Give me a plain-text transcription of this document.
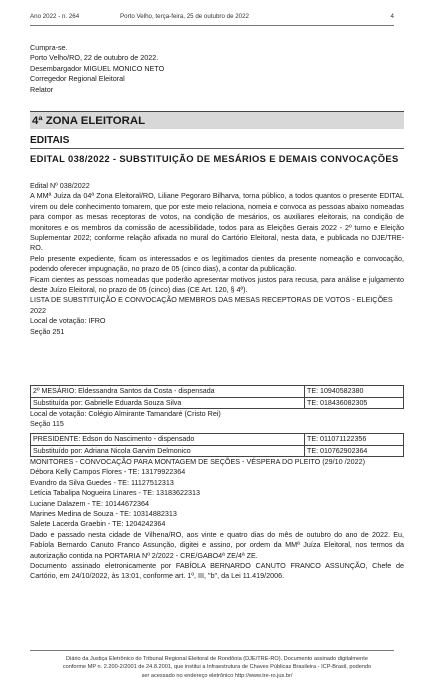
Ano 2022 - n. 264	Porto Velho, terça-feira, 25 de outubro de 2022	4
Cumpra-se.
Porto Velho/RO, 22 de outubro de 2022.
Desembargador MIGUEL MONICO NETO
Corregedor Regional Eleitoral
Relator
4ª ZONA ELEITORAL
EDITAIS
EDITAL 038/2022 - SUBSTITUIÇÃO DE MESÁRIOS E DEMAIS CONVOCAÇÕES
Edital Nº 038/2022

A MMª Juíza da 04ª Zona Eleitoral/RO, Liliane Pegoraro Bilharva, torna público, a todos quantos o presente EDITAL virem ou dele conhecimento tomarem, que por este meio relaciona, nomeia e convoca as pessoas abaixo nomeadas para compor as mesas receptoras de votos, na condição de mesários, os auxiliares eleitorais, na condição de monitores e os membros da comissão de acessibilidade, todos para as Eleições Gerais 2022 - 2º turno e Eleição Suplementar 2022; conforme relação afixada no mural do Cartório Eleitoral, nesta data, e publicada no DJE/TRE-RO.

Pelo presente expediente, ficam os interessados e os legitimados cientes da presente nomeação e convocação, podendo oferecer impugnação, no prazo de 05 (cinco dias), a contar da publicação.

Ficam cientes as pessoas nomeadas que poderão apresentar motivos justos para recusa, para análise e julgamento deste Juízo Eleitoral, no prazo de 05 (cinco) dias (CE Art. 120, § 4º).

LISTA DE SUBSTITUIÇÃO E CONVOCAÇÃO MEMBROS DAS MESAS RECEPTORAS DE VOTOS - ELEIÇÕES 2022

Local de votação: IFRO
Seção 251
2º MESÁRIO: Eldessandra Santos da Costa - dispensada	TE: 10940582380
Substituída por: Gabrielle Eduarda Souza Silva	TE: 018436082305
Local de votação: Colégio Almirante Tamandaré (Cristo Rei)
Seção 115
PRESIDENTE: Edson do Nascimento - dispensado	TE: 011071122356
Substituído por: Adriana Nicola Garvim Delmonico	TE: 010762902364

MONITORES - CONVOCAÇÃO PARA MONTAGEM DE SEÇÕES - VÉSPERA DO PLEITO (29/10 /2022)

Débora Kelly Campos Flores - TE: 13179922364
Evandro da Silva Guedes - TE: 11127512313
Letícia Tabalipa Nogueira Linares - TE: 13183622313
Luciane Dalazem - TE: 10144672364
Marines Medina de Souza - TE: 10314882313
Salete Lacerda Graebin - TE: 1204242364

Dado e passado nesta cidade de Vilhena/RO, aos vinte e quatro dias do mês de outubro do ano de 2022. Eu, Fabíola Bernardo Canuto Franco Assunção, digitei e assino, por ordem da MMª Juíza Eleitoral, nos termos da autorização contida na PORTARIA Nº 2/2022 - CRE/GABO4ª ZE/4ª ZE.

Documento assinado eletronicamente por FABÍOLA BERNARDO CANUTO FRANCO ASSUNÇÃO, Chefe de Cartório, em 24/10/2022, às 13:01, conforme art. 1º, III, "b", da Lei 11.419/2006.

Diário da Justiça Eletrônico do Tribunal Regional Eleitoral de Rondônia (DJE/TRE-RO). Documento assinado digitalmente
conforme MP n. 2.200-2/2001 de 24.8.2001, que institui a Infraestrutura de Chaves Públicas Brasileira - ICP-Brasil, podendo
ser acessado no endereço eletrônico http://www.tre-ro.jus.br/
